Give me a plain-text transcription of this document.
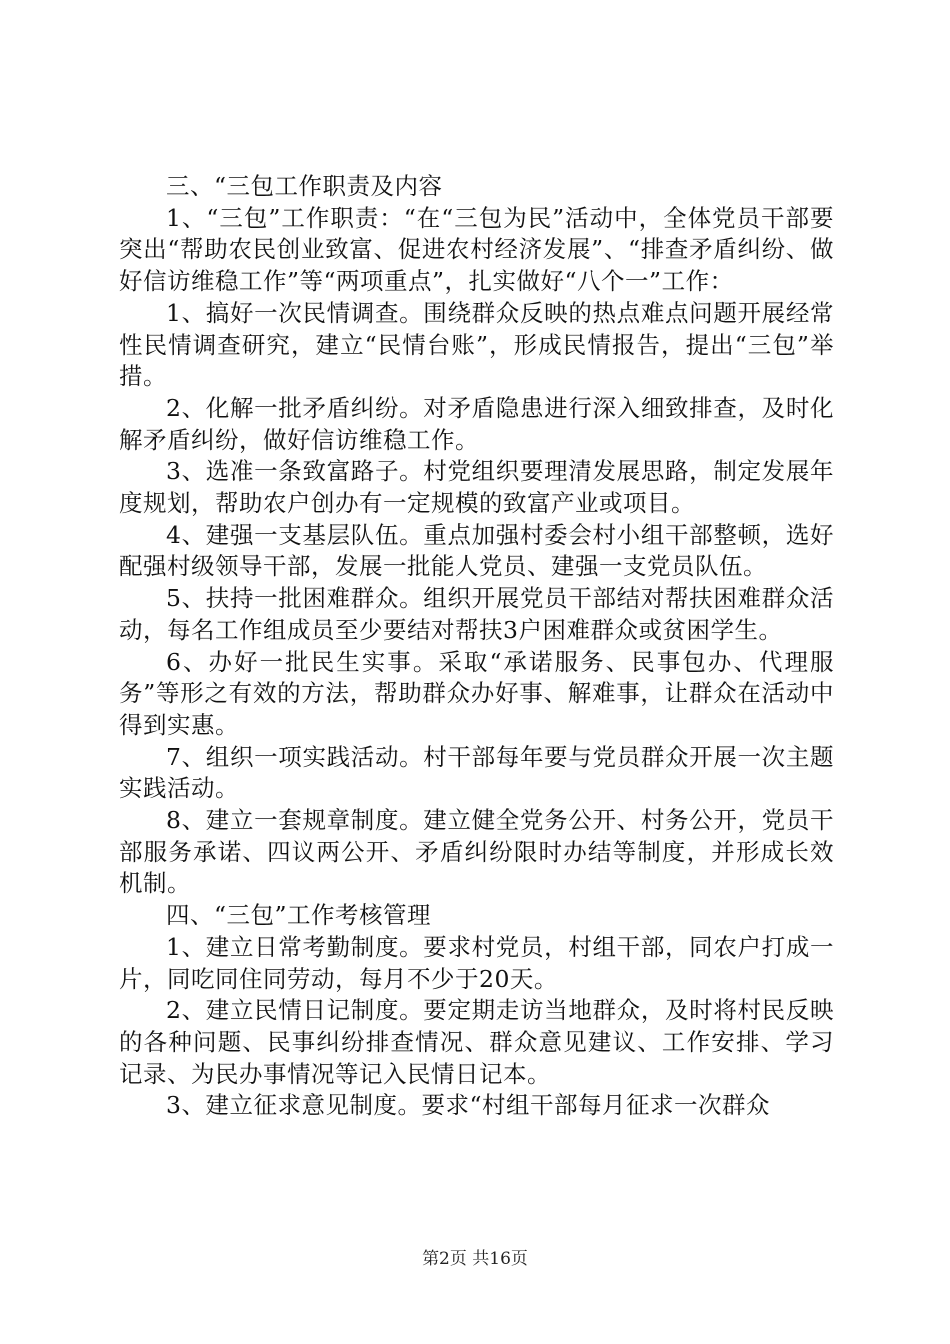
三、“三包工作职责及内容

1、“三包”工作职责：“在“三包为民”活动中，全体党员干部要突出“帮助农民创业致富、促进农村经济发展”、“排查矛盾纠纷、做好信访维稳工作”等“两项重点”，扎实做好“八个一”工作：

1、搞好一次民情调查。围绕群众反映的热点难点问题开展经常性民情调查研究，建立“民情台账”，形成民情报告，提出“三包”举措。

2、化解一批矛盾纠纷。对矛盾隐患进行深入细致排查，及时化解矛盾纠纷，做好信访维稳工作。

3、选准一条致富路子。村党组织要理清发展思路，制定发展年度规划，帮助农户创办有一定规模的致富产业或项目。

4、建强一支基层队伍。重点加强村委会村小组干部整顿，选好配强村级领导干部，发展一批能人党员、建强一支党员队伍。

5、扶持一批困难群众。组织开展党员干部结对帮扶困难群众活动，每名工作组成员至少要结对帮扶3户困难群众或贫困学生。

6、办好一批民生实事。采取“承诺服务、民事包办、代理服务”等形之有效的方法，帮助群众办好事、解难事，让群众在活动中得到实惠。

7、组织一项实践活动。村干部每年要与党员群众开展一次主题实践活动。

8、建立一套规章制度。建立健全党务公开、村务公开，党员干部服务承诺、四议两公开、矛盾纠纷限时办结等制度，并形成长效机制。

四、“三包”工作考核管理

1、建立日常考勤制度。要求村党员，村组干部，同农户打成一片，同吃同住同劳动，每月不少于20天。

2、建立民情日记制度。要定期走访当地群众，及时将村民反映的各种问题、民事纠纷排查情况、群众意见建议、工作安排、学习记录、为民办事情况等记入民情日记本。

3、建立征求意见制度。要求“村组干部每月征求一次群众

第2页 共16页
